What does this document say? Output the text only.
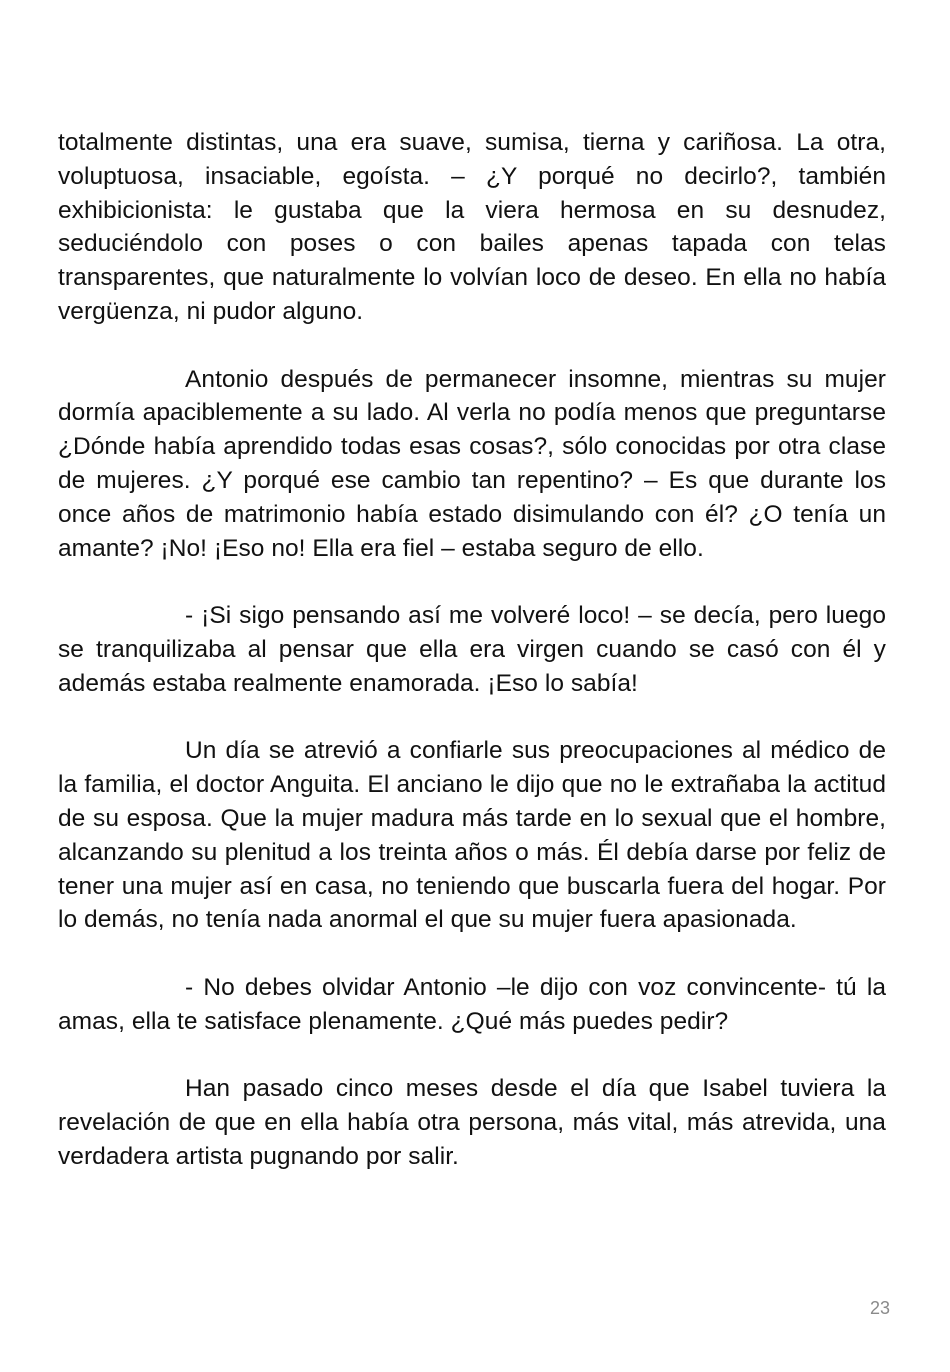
totalmente distintas, una era suave, sumisa, tierna y cariñosa. La otra, voluptuosa, insaciable, egoísta. – ¿Y porqué no decirlo?, también exhibicionista: le gustaba que la viera hermosa en su desnudez, seduciéndolo con poses o con bailes apenas tapada con telas transparentes, que naturalmente lo volvían loco de deseo. En ella no había vergüenza, ni pudor alguno.

Antonio después de permanecer insomne, mientras su mujer dormía apaciblemente a su lado. Al verla no podía menos que preguntarse ¿Dónde había aprendido todas esas cosas?, sólo conocidas por otra clase de mujeres. ¿Y porqué ese cambio tan repentino? – Es que durante los once años de matrimonio había estado disimulando con él? ¿O tenía un amante? ¡No! ¡Eso no! Ella era fiel – estaba seguro de ello.

- ¡Si sigo pensando así me volveré loco! – se decía, pero luego se tranquilizaba al pensar que ella era virgen cuando se casó con él y además estaba realmente enamorada. ¡Eso lo sabía!

Un día se atrevió a confiarle sus preocupaciones al médico de la familia, el doctor Anguita. El anciano le dijo que no le extrañaba la actitud de su esposa. Que la mujer madura más tarde en lo sexual que el hombre, alcanzando su plenitud a los treinta años o más. Él debía darse por feliz de tener una mujer así en casa, no teniendo que buscarla fuera del hogar. Por lo demás, no tenía nada anormal el que su mujer fuera apasionada.

- No debes olvidar Antonio –le dijo con voz convincente- tú la amas, ella te satisface plenamente. ¿Qué más puedes pedir?

Han pasado cinco meses desde el día que Isabel tuviera la revelación de que en ella había otra persona, más vital, más atrevida, una verdadera artista pugnando por salir.

23
